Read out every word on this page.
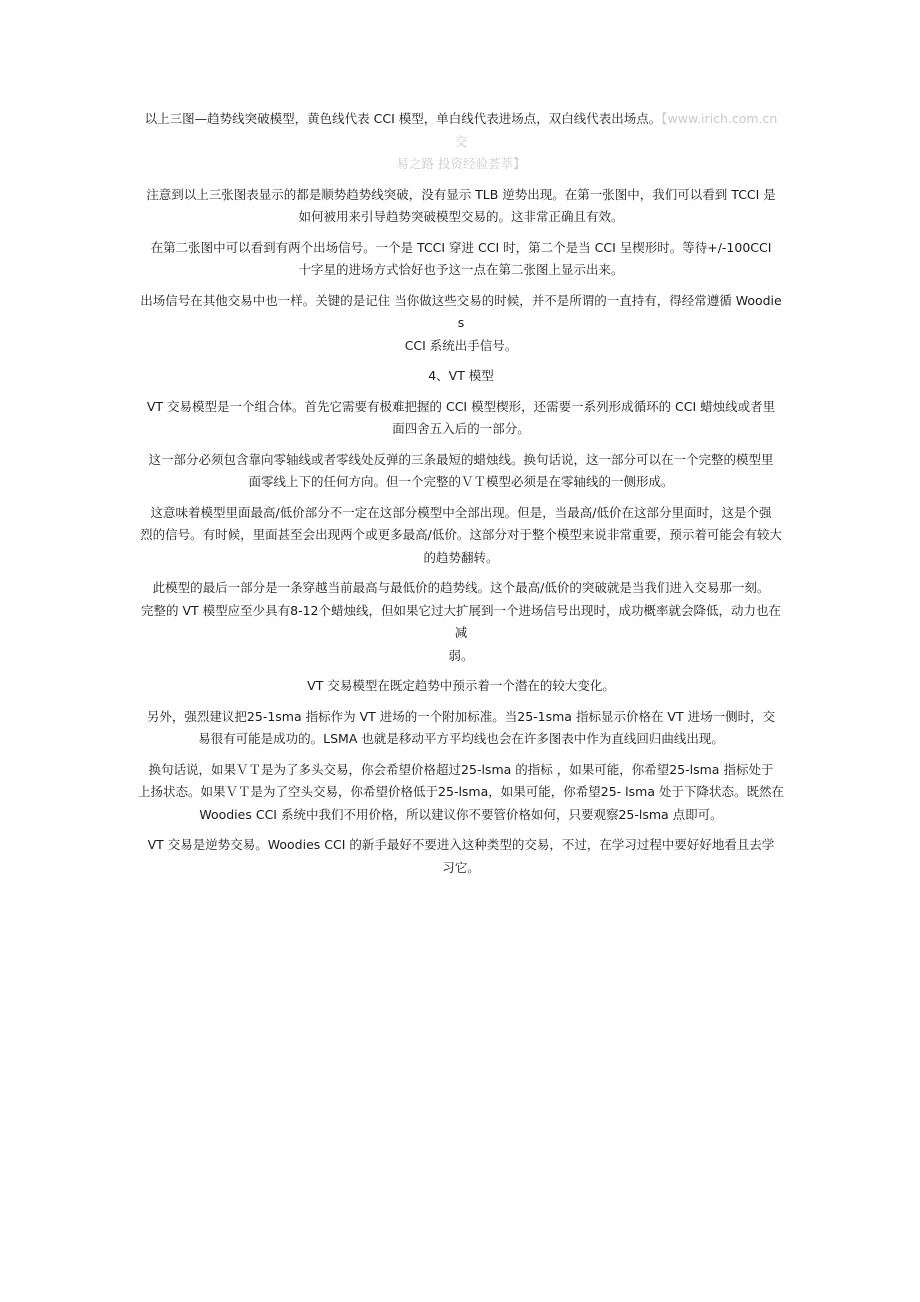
以上三图—趋势线突破模型，黄色线代表 CCI 模型，单白线代表进场点，双白线代表出场点。【www.irich.com.cn 交
易之路 投资经验荟萃】

注意到以上三张图表显示的都是顺势趋势线突破，没有显示 TLB 逆势出现。在第一张图中，我们可以看到 TCCI 是
如何被用来引导趋势突破模型交易的。这非常正确且有效。

在第二张图中可以看到有两个出场信号。一个是 TCCI 穿进 CCI 时，第二个是当 CCI 呈楔形时。等待+/-100CCI
十字星的进场方式恰好也予这一点在第二张图上显示出来。

出场信号在其他交易中也一样。关键的是记住 当你做这些交易的时候，并不是所谓的一直持有，得经常遵循 Woodies
CCI 系统出手信号。

4、VT 模型

VT 交易模型是一个组合体。首先它需要有极难把握的 CCI 模型楔形，还需要一系列形成循环的 CCI 蜡烛线或者里
面四舍五入后的一部分。

这一部分必须包含靠向零轴线或者零线处反弹的三条最短的蜡烛线。换句话说，这一部分可以在一个完整的模型里
面零线上下的任何方向。但一个完整的ＶＴ模型必须是在零轴线的一侧形成。

这意味着模型里面最高/低价部分不一定在这部分模型中全部出现。但是，当最高/低价在这部分里面时，这是个强
烈的信号。有时候，里面甚至会出现两个或更多最高/低价。这部分对于整个模型来说非常重要，预示着可能会有较大
的趋势翻转。

此模型的最后一部分是一条穿越当前最高与最低价的趋势线。这个最高/低价的突破就是当我们进入交易那一刻。
完整的 VT 模型应至少具有8-12个蜡烛线，但如果它过大扩展到一个进场信号出现时，成功概率就会降低，动力也在减
弱。

VT 交易模型在既定趋势中预示着一个潜在的较大变化。

另外，强烈建议把25-1sma 指标作为 VT 进场的一个附加标准。当25-1sma 指标显示价格在 VT 进场一侧时，交
易很有可能是成功的。LSMA 也就是移动平方平均线也会在许多图表中作为直线回归曲线出现。

换句话说，如果ＶＴ是为了多头交易，你会希望价格超过25-lsma 的指标 ，如果可能，你希望25-lsma 指标处于
上扬状态。如果ＶＴ是为了空头交易，你希望价格低于25-lsma，如果可能，你希望25- lsma 处于下降状态。既然在
Woodies CCI 系统中我们不用价格，所以建议你不要管价格如何，只要观察25-lsma 点即可。

VT 交易是逆势交易。Woodies CCI 的新手最好不要进入这种类型的交易，不过，在学习过程中要好好地看且去学
习它。
